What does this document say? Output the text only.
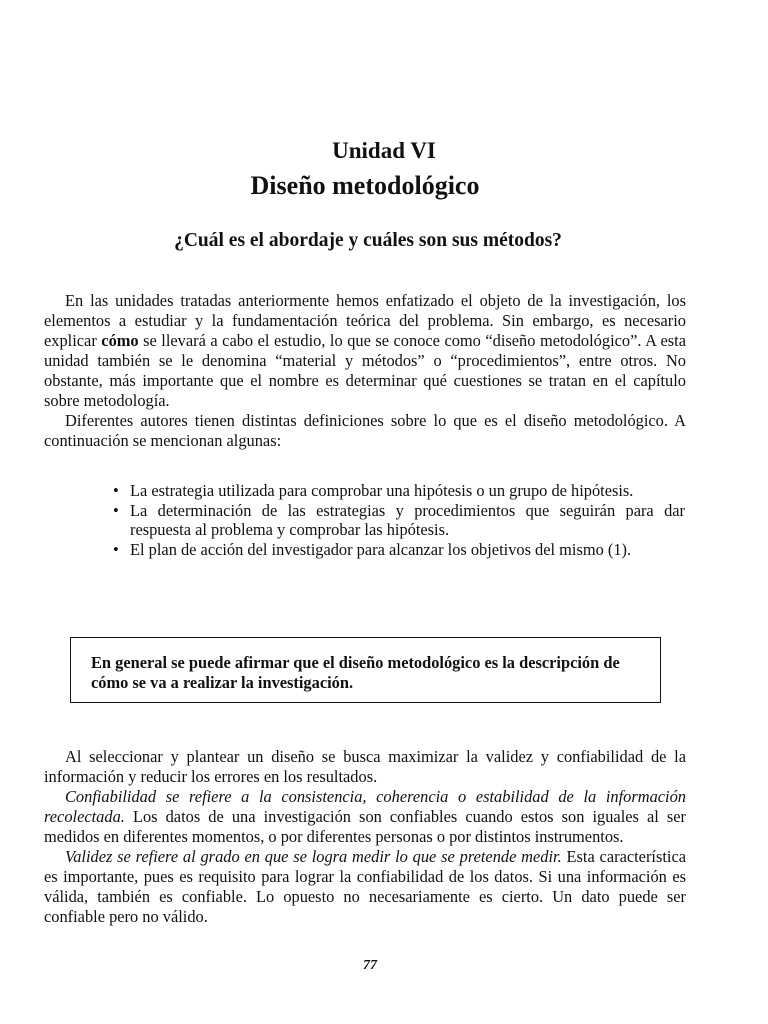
Unidad VI
Diseño metodológico
¿Cuál es el abordaje y cuáles son sus métodos?

En las unidades tratadas anteriormente hemos enfatizado el objeto de la investigación, los elementos a estudiar y la fundamentación teórica del problema. Sin embargo, es necesario explicar cómo se llevará a cabo el estudio, lo que se conoce como “diseño metodológico”. A esta unidad también se le denomina “material y métodos” o “procedimientos”, entre otros. No obstante, más importante que el nombre es determinar qué cuestiones se tratan en el capítulo sobre metodología.

Diferentes autores tienen distintas definiciones sobre lo que es el diseño metodológico. A continuación se mencionan algunas:

• La estrategia utilizada para comprobar una hipótesis o un grupo de hipótesis.
• La determinación de las estrategias y procedimientos que seguirán para dar respuesta al problema y comprobar las hipótesis.
• El plan de acción del investigador para alcanzar los objetivos del mismo (1).
En general se puede afirmar que el diseño metodológico es la descripción de cómo se va a realizar la investigación.

Al seleccionar y plantear un diseño se busca maximizar la validez y confiabilidad de la información y reducir los errores en los resultados.

Confiabilidad se refiere a la consistencia, coherencia o estabilidad de la información recolectada. Los datos de una investigación son confiables cuando estos son iguales al ser medidos en diferentes momentos, o por diferentes personas o por distintos instrumentos.

Validez se refiere al grado en que se logra medir lo que se pretende medir. Esta característica es importante, pues es requisito para lograr la confiabilidad de los datos. Si una información es válida, también es confiable. Lo opuesto no necesariamente es cierto. Un dato puede ser confiable pero no válido.

77
